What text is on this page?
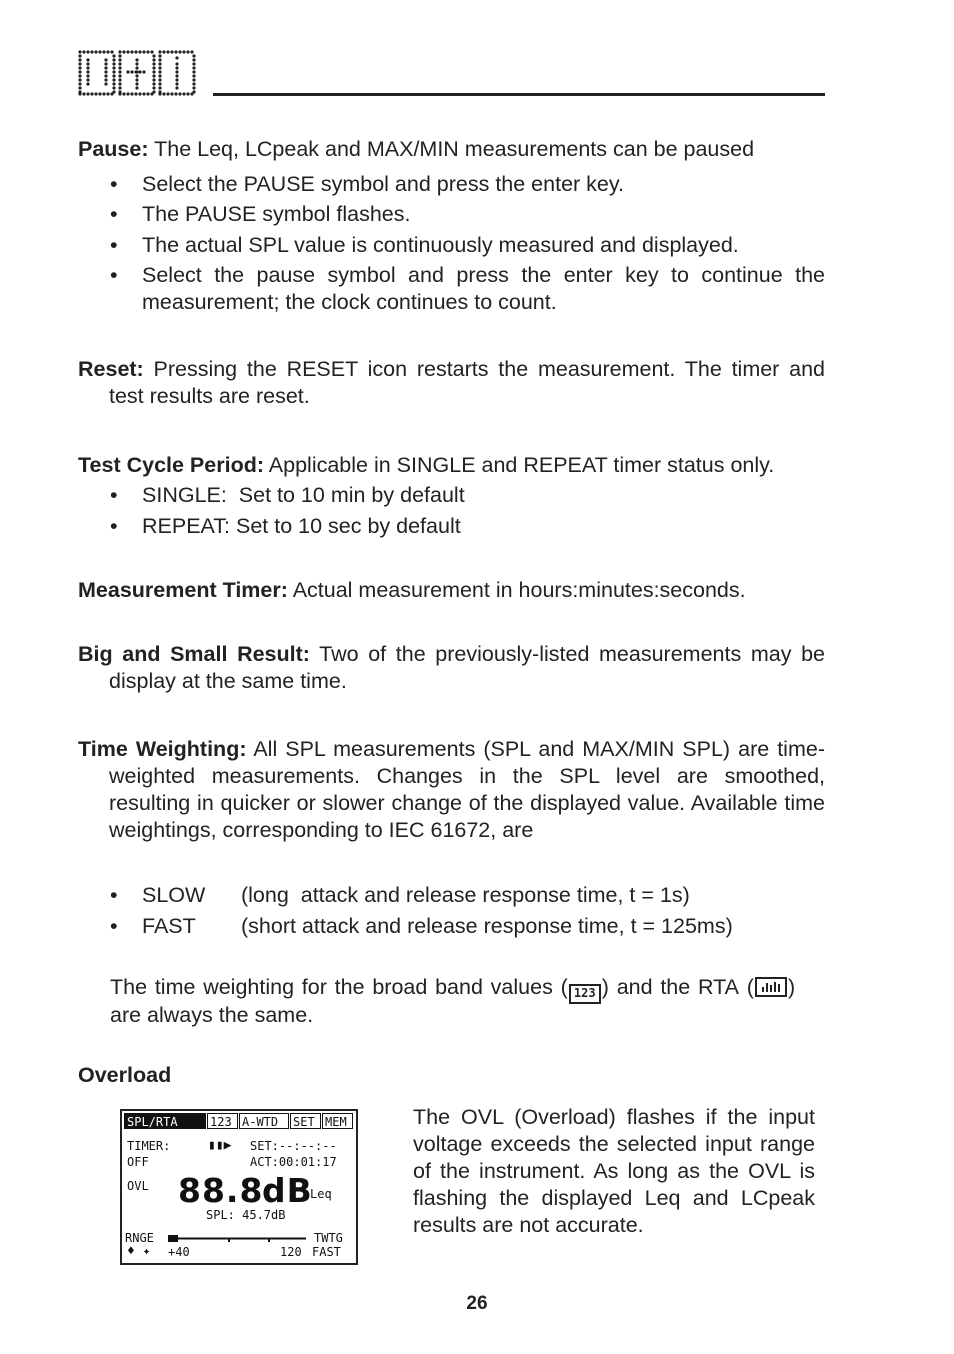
Pause: The Leq, LCpeak and MAX/MIN measurements can be paused
• Select the PAUSE symbol and press the enter key.
• The PAUSE symbol flashes.
• The actual SPL value is continuously measured and displayed.
• Select the pause symbol and press the enter key to continue the measurement; the clock continues to count.
Reset: Pressing the RESET icon restarts the measurement. The timer and test results are reset.
Test Cycle Period: Applicable in SINGLE and REPEAT timer status only.
• SINGLE:  Set to 10 min by default
• REPEAT: Set to 10 sec by default
Measurement Timer: Actual measurement in hours:minutes:seconds.
Big and Small Result: Two of the previously-listed measurements may be display at the same time.
Time Weighting: All SPL measurements (SPL and MAX/MIN SPL) are time-weighted measurements. Changes in the SPL level are smoothed, resulting in quicker or slower change of the displayed value. Available time weightings, corresponding to IEC 61672, are
• SLOW (long  attack and release response time, t = 1s)
• FAST (short attack and release response time, t = 125ms)
The  time  weighting  for  the  broad  band  values  ( 123 )  and  the  RTA  ( )
are always the same.
Overload
The OVL (Overload) flashes if the input voltage exceeds the selected input range of the instrument. As long as the OVL is flashing the displayed Leq and LCpeak results are not accurate.
SPL/RTA	123 A-WTD	SET MEM
TIMER:	▮▮▶ SET:--:--:--
OFF	ACT:00:01:17
OVL 88.8
dB
Leq
SPL: 45.7dB
RNGE	TWTG
♦ ✦ +40	120 FAST
26
